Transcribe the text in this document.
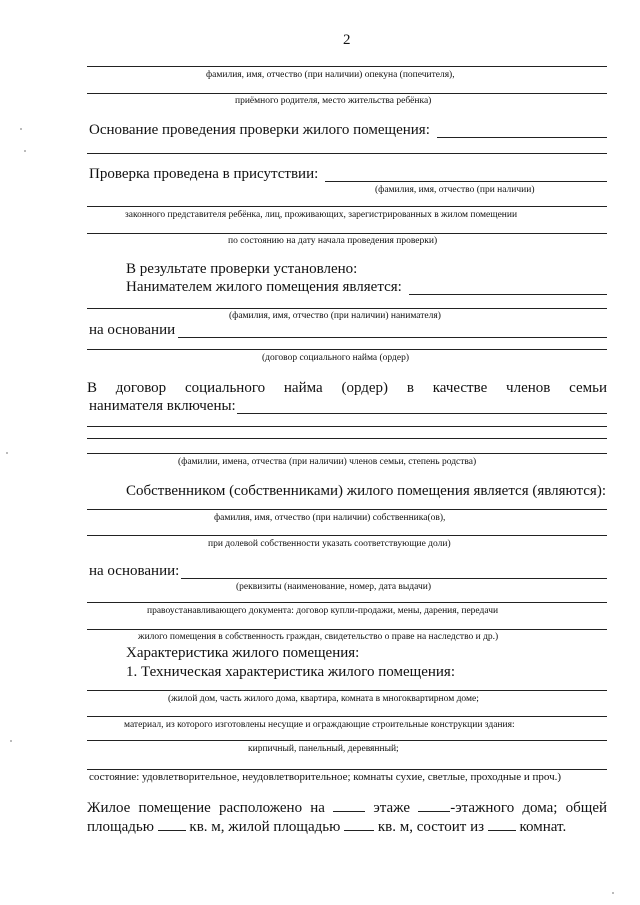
2
фамилия, имя, отчество (при наличии) опекуна (попечителя),
приёмного родителя, место жительства ребёнка)
Основание проведения проверки жилого помещения:
Проверка проведена в присутствии:
(фамилия, имя, отчество (при наличии)
законного представителя ребёнка, лиц, проживающих, зарегистрированных в жилом помещении
по состоянию на дату начала проведения проверки)
В результате проверки установлено:
Нанимателем жилого помещения является:
(фамилия, имя, отчество (при наличии) нанимателя)
на основании
(договор социального найма (ордер)
В договор социального найма (ордер) в качестве членов семьи
нанимателя включены:
(фамилии, имена, отчества (при наличии) членов семьи, степень родства)
Собственником (собственниками) жилого помещения является (являются):
фамилия, имя, отчество (при наличии) собственника(ов),
при долевой собственности указать соответствующие доли)
на основании:
(реквизиты (наименование, номер, дата выдачи)
правоустанавливающего документа: договор купли-продажи, мены, дарения, передачи
жилого помещения в собственность граждан, свидетельство о праве на наследство и др.)
Характеристика жилого помещения:
1. Техническая характеристика жилого помещения:
(жилой дом, часть жилого дома, квартира, комната в многоквартирном доме;
материал, из которого изготовлены несущие и ограждающие строительные конструкции здания:
кирпичный, панельный, деревянный;
состояние: удовлетворительное, неудовлетворительное; комнаты сухие, светлые, проходные и проч.)
Жилое помещение расположено на	этаже	-этажного дома; общей
площадью кв. м, жилой площадью	кв. м, состоит из комнат.
